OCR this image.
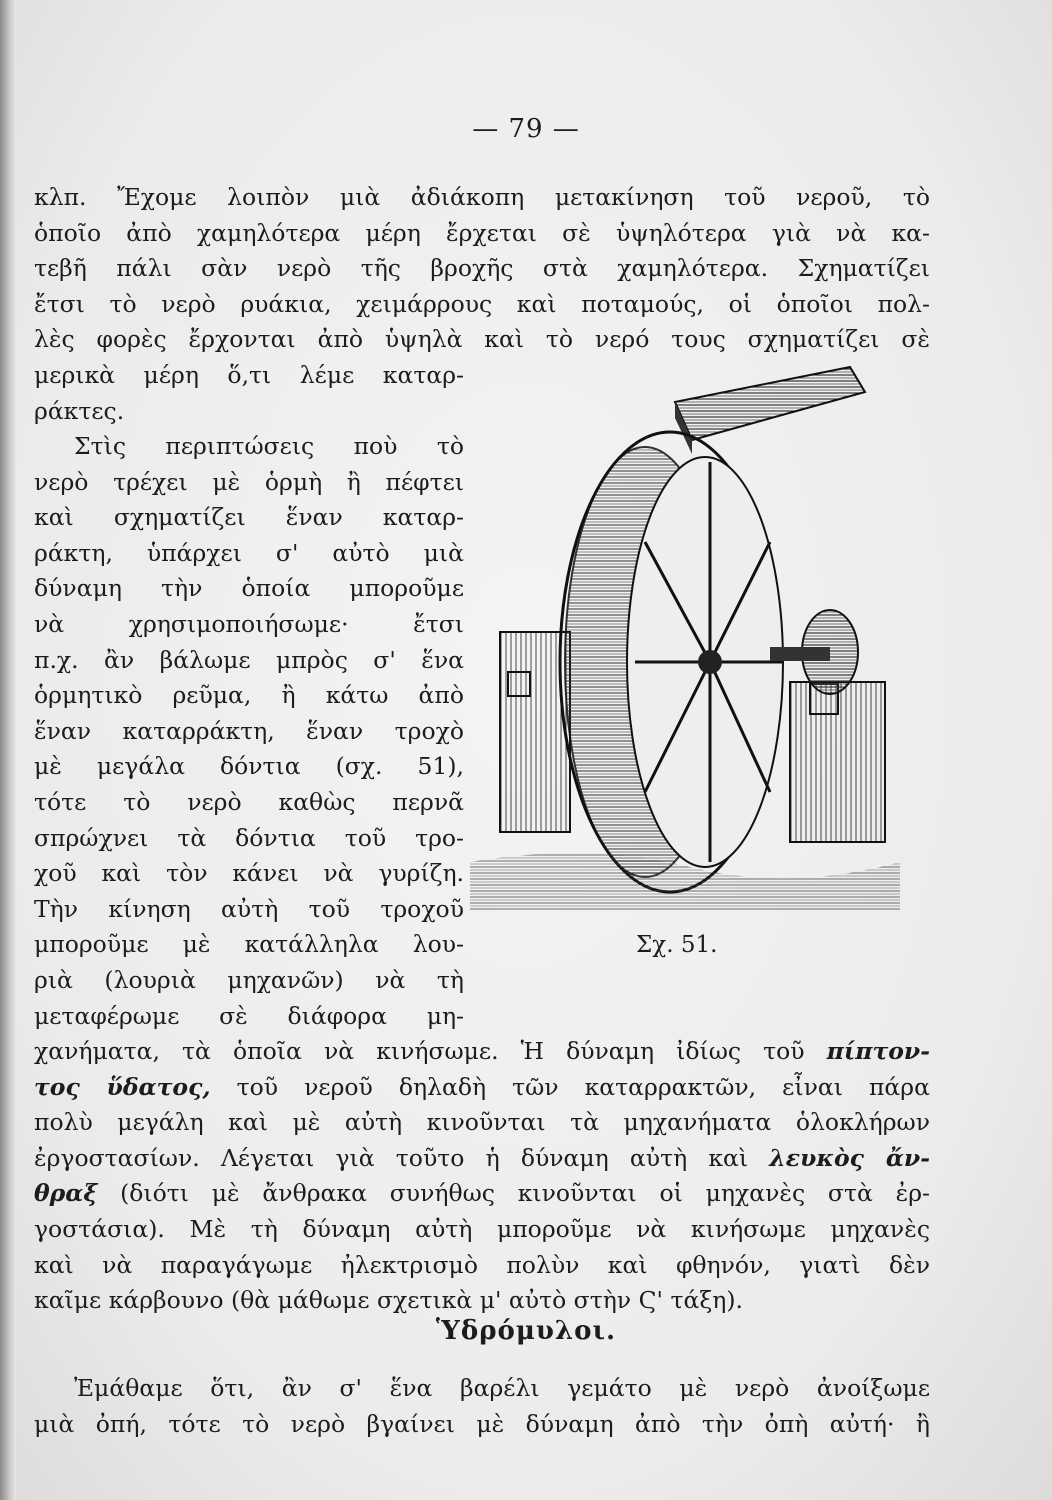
— 79 —
κλπ. Ἔχομε λοιπὸν μιὰ ἀδιάκοπη μετακίνηση τοῦ νεροῦ, τὸ
ὁποῖο ἀπὸ χαμηλότερα μέρη ἔρχεται σὲ ὑψηλότερα γιὰ νὰ κα-
τεβῆ πάλι σὰν νερὸ τῆς βροχῆς στὰ χαμηλότερα. Σχηματίζει
ἔτσι τὸ νερὸ ρυάκια, χειμάρρους καὶ ποταμούς, οἱ ὁποῖοι πολ-
λὲς φορὲς ἔρχονται ἀπὸ ὑψηλὰ καὶ τὸ νερό τους σχηματίζει σὲ
μερικὰ μέρη ὅ,τι λέμε καταρ-
ράκτες.
Στὶς περιπτώσεις ποὺ τὸ
νερὸ τρέχει μὲ ὁρμὴ ἢ πέφτει
καὶ σχηματίζει ἕναν καταρ-
ράκτη, ὑπάρχει σ' αὐτὸ μιὰ
δύναμη τὴν ὁποία μποροῦμε
νὰ χρησιμοποιήσωμε· ἔτσι
π.χ. ἂν βάλωμε μπρὸς σ' ἕνα
ὁρμητικὸ ρεῦμα, ἢ κάτω ἀπὸ
ἕναν καταρράκτη, ἕναν τροχὸ
μὲ μεγάλα δόντια (σχ. 51),
τότε τὸ νερὸ καθὼς περνᾶ
σπρώχνει τὰ δόντια τοῦ τρο-
χοῦ καὶ τὸν κάνει νὰ γυρίζη.
Τὴν κίνηση αὐτὴ τοῦ τροχοῦ
μποροῦμε μὲ κατάλληλα λου-
ριὰ (λουριὰ μηχανῶν) νὰ τὴ
μεταφέρωμε σὲ διάφορα μη-
χανήματα, τὰ ὁποῖα νὰ κινήσωμε. Ἡ δύναμη ἰδίως τοῦ πίπτον-
τος ὕδατος, τοῦ νεροῦ δηλαδὴ τῶν καταρρακτῶν, εἶναι πάρα
πολὺ μεγάλη καὶ μὲ αὐτὴ κινοῦνται τὰ μηχανήματα ὁλοκλήρων
ἐργοστασίων. Λέγεται γιὰ τοῦτο ἡ δύναμη αὐτὴ καὶ λευκὸς ἄν-
θραξ (διότι μὲ ἄνθρακα συνήθως κινοῦνται οἱ μηχανὲς στὰ ἐρ-
γοστάσια). Μὲ τὴ δύναμη αὐτὴ μποροῦμε νὰ κινήσωμε μηχανὲς
καὶ νὰ παραγάγωμε ἠλεκτρισμὸ πολὺν καὶ φθηνόν, γιατὶ δὲν
καῖμε κάρβουνο (θὰ μάθωμε σχετικὰ μ' αὐτὸ στὴν Ϛ' τάξη).
Σχ. 51.
Ὑδρόμυλοι.
Ἐμάθαμε ὅτι, ἂν σ' ἕνα βαρέλι γεμάτο μὲ νερὸ ἀνοίξωμε
μιὰ ὀπή, τότε τὸ νερὸ βγαίνει μὲ δύναμη ἀπὸ τὴν ὀπὴ αὐτή· ἢ
